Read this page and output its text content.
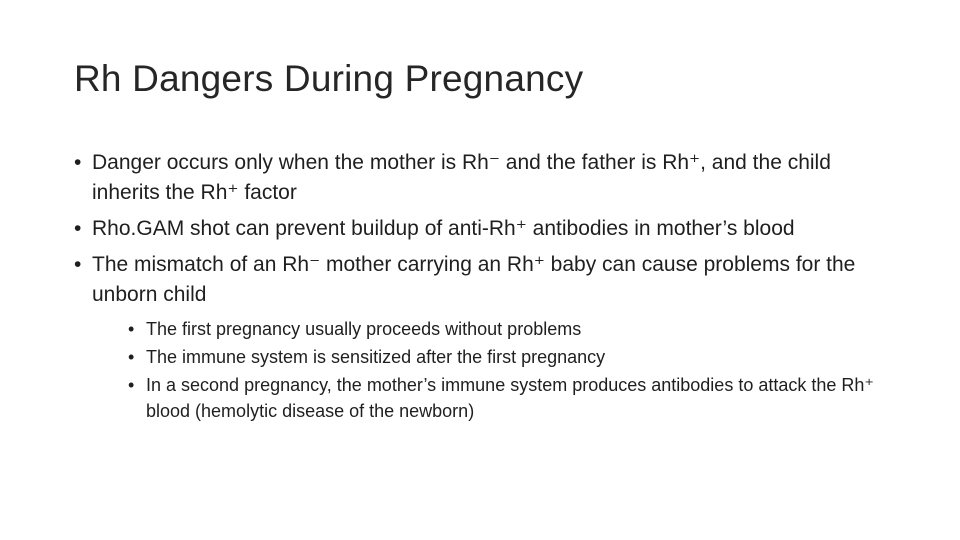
Rh Dangers During Pregnancy
• Danger occurs only when the mother is Rh⁻ and the father is Rh⁺, and the child inherits the Rh⁺ factor
• Rho.GAM shot can prevent buildup of anti-Rh⁺ antibodies in mother’s blood
• The mismatch of an Rh⁻ mother carrying an Rh⁺ baby can cause problems for the unborn child
• The first pregnancy usually proceeds without problems
• The immune system is sensitized after the first pregnancy
• In a second pregnancy, the mother’s immune system produces antibodies to attack the Rh⁺ blood (hemolytic disease of the newborn)
